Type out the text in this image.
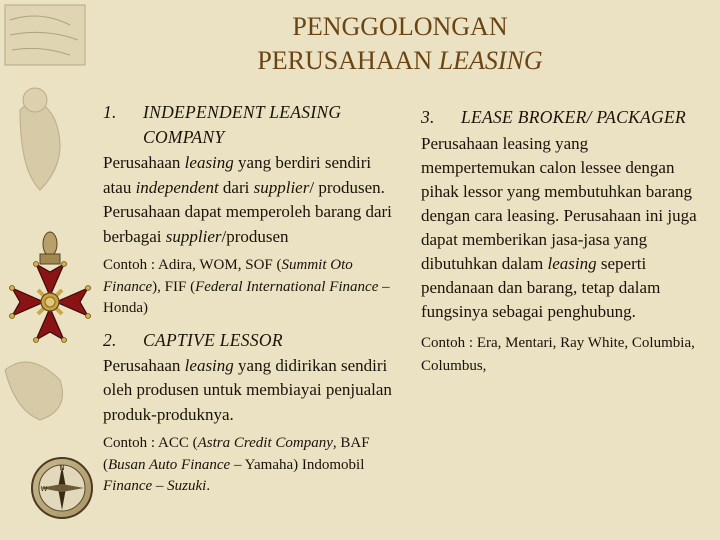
N
W
PENGGOLONGAN
PERUSAHAAN LEASING
1.	INDEPENDENT LEASING COMPANY
Perusahaan leasing yang berdiri sendiri atau independent dari supplier/ produsen. Perusahaan dapat memperoleh barang dari berbagai supplier/produsen
Contoh : Adira, WOM, SOF (Summit Oto Finance), FIF (Federal International Finance – Honda)
2.	CAPTIVE LESSOR
Perusahaan leasing yang didirikan sendiri oleh produsen untuk membiayai penjualan produk-produknya.
Contoh : ACC (Astra Credit Company, BAF (Busan Auto Finance – Yamaha) Indomobil Finance – Suzuki.
3.	LEASE BROKER/ PACKAGER
Perusahaan leasing yang mempertemukan calon lessee dengan pihak lessor yang membutuhkan barang dengan cara leasing. Perusahaan ini juga dapat memberikan jasa-jasa yang dibutuhkan dalam leasing seperti pendanaan dan barang, tetap dalam fungsinya sebagai penghubung.
Contoh : Era, Mentari, Ray White, Columbia, Columbus,
